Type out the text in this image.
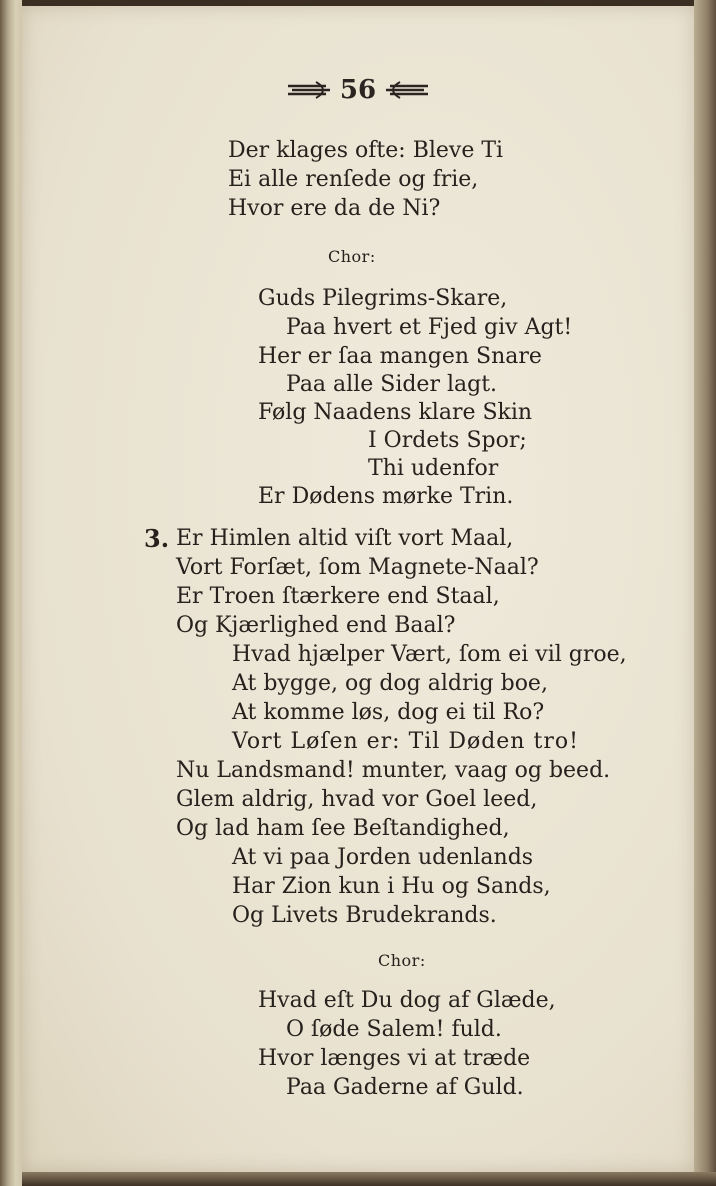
56
Der klages ofte: Bleve Ti
Ei alle renſede og frie,
Hvor ere da de Ni?
Chor:
Guds Pilegrims-Skare,
Paa hvert et Fjed giv Agt!
Her er ſaa mangen Snare
Paa alle Sider lagt.
Følg Naadens klare Skin
I Ordets Spor;
Thi udenfor
Er Dødens mørke Trin.
3. Er Himlen altid viſt vort Maal,
Vort Forſæt, ſom Magnete-Naal?
Er Troen ſtærkere end Staal,
Og Kjærlighed end Baal?
Hvad hjælper Vært, ſom ei vil groe,
At bygge, og dog aldrig boe,
At komme løs, dog ei til Ro?
Vort Løſen er: Til Døden tro!
Nu Landsmand! munter, vaag og beed.
Glem aldrig, hvad vor Goel leed,
Og lad ham ſee Beſtandighed,
At vi paa Jorden udenlands
Har Zion kun i Hu og Sands,
Og Livets Brudekrands.
Chor:
Hvad eſt Du dog af Glæde,
O ſøde Salem! fuld.
Hvor længes vi at træde
Paa Gaderne af Guld.
